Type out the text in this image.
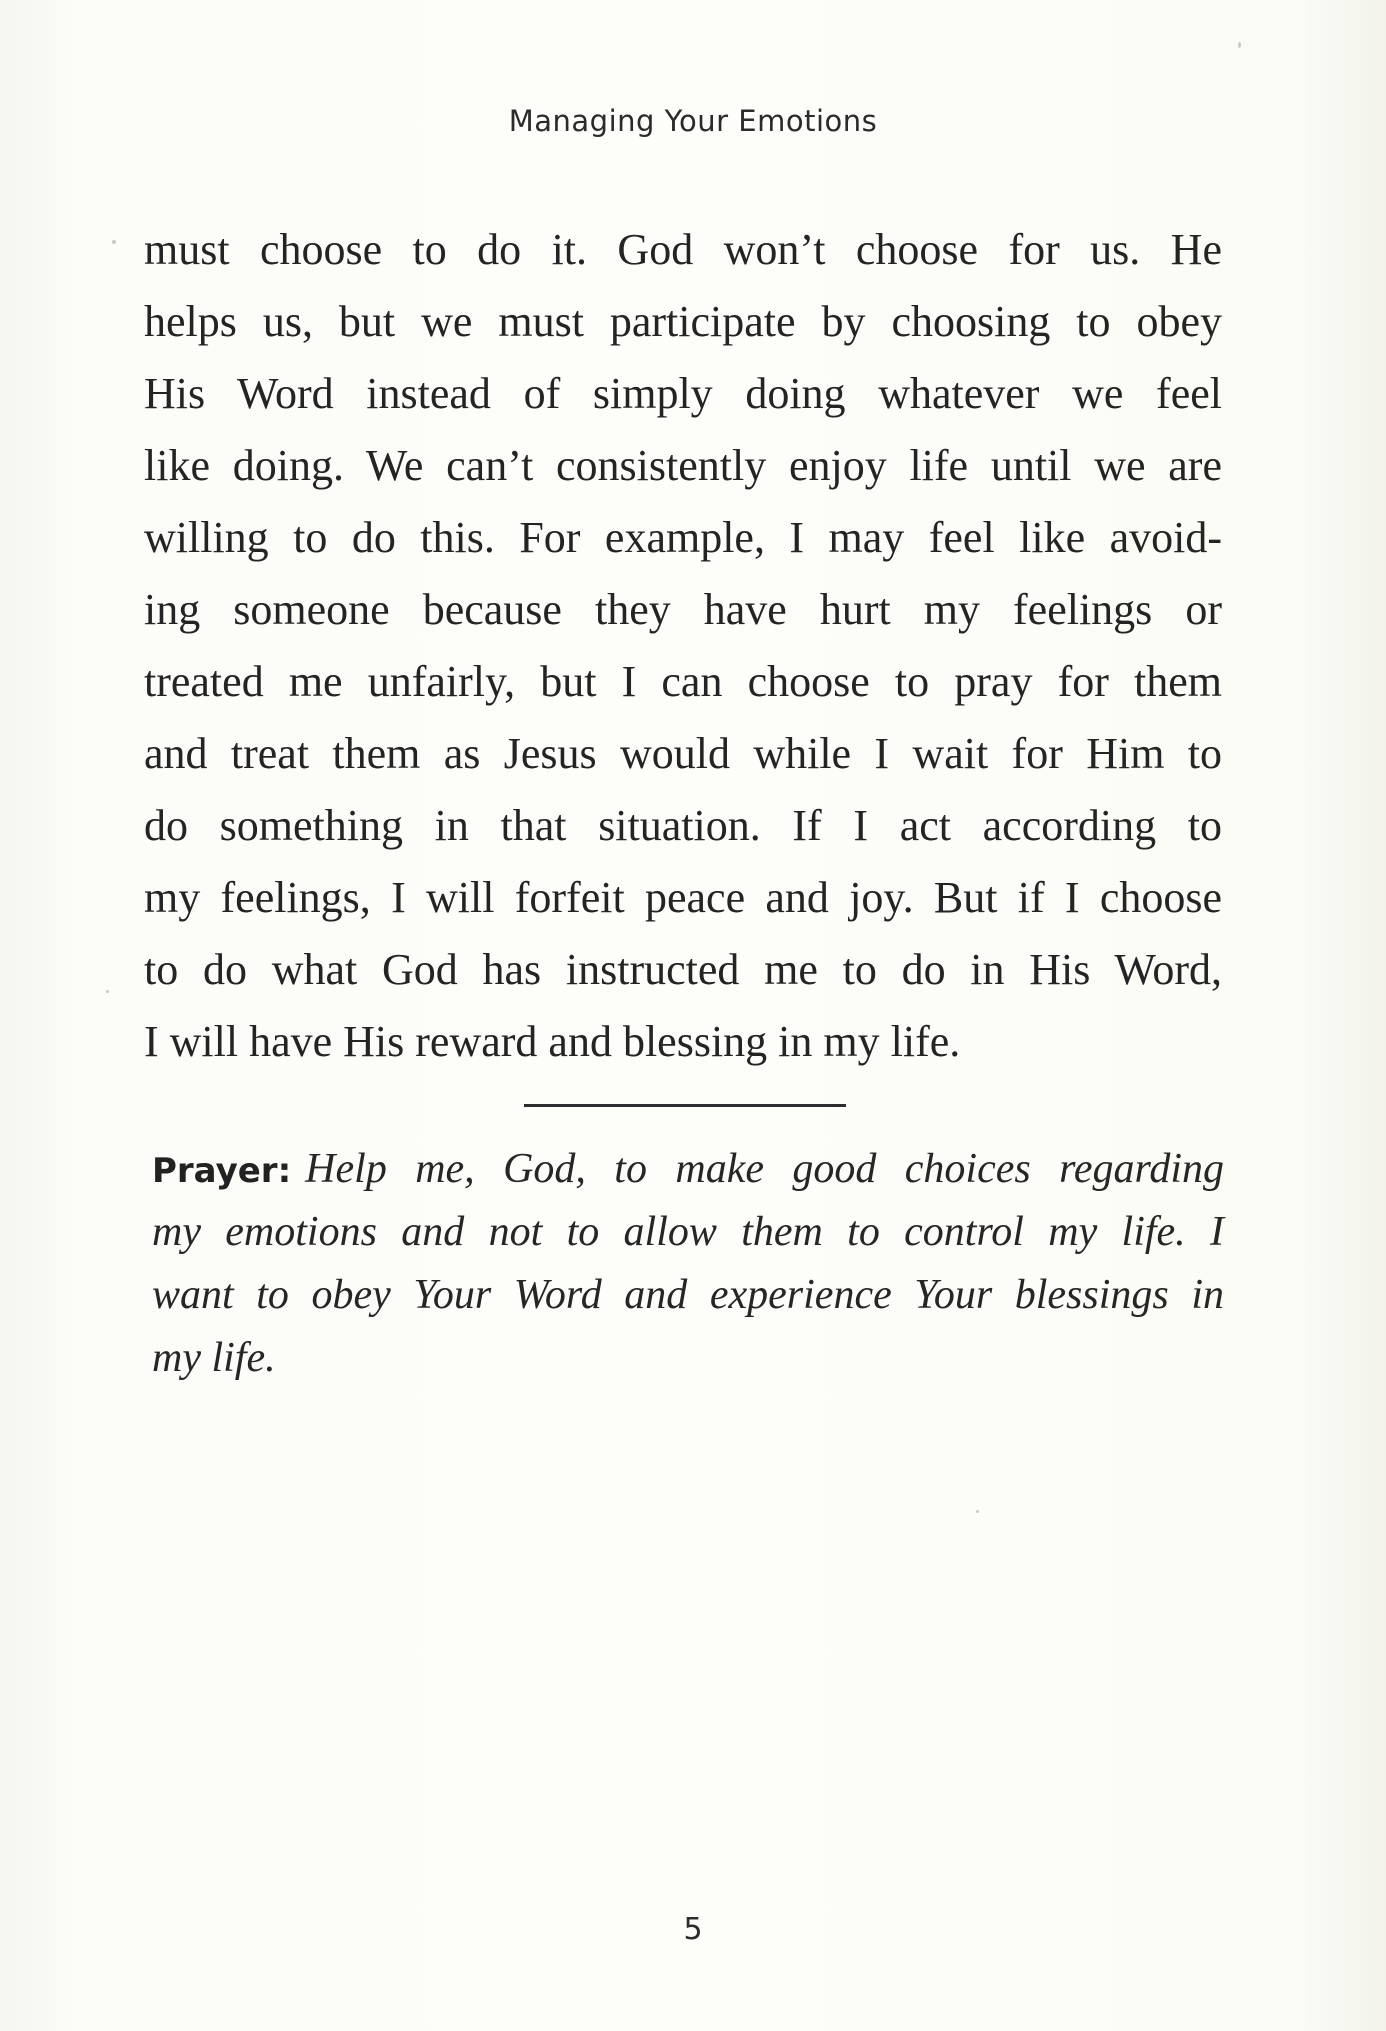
Managing Your Emotions
must choose to do it. God won’t choose for us. He
helps us, but we must participate by choosing to obey
His Word instead of simply doing whatever we feel
like doing. We can’t consistently enjoy life until we are
willing to do this. For example, I may feel like avoid-
ing someone because they have hurt my feelings or
treated me unfairly, but I can choose to pray for them
and treat them as Jesus would while I wait for Him to
do something in that situation. If I act according to
my feelings, I will forfeit peace and joy. But if I choose
to do what God has instructed me to do in His Word,
I will have His reward and blessing in my life.
Prayer: Help me, God, to make good choices regarding
my emotions and not to allow them to control my life. I
want to obey Your Word and experience Your blessings in
my life.
5
